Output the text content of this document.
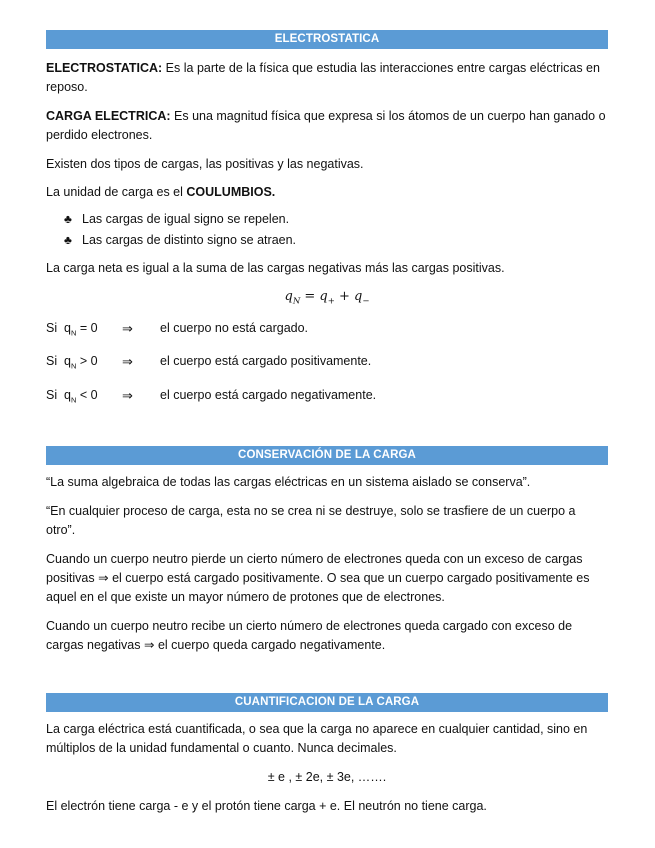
ELECTROSTATICA

ELECTROSTATICA: Es la parte de la física que estudia las interacciones entre cargas eléctricas en reposo.

CARGA ELECTRICA: Es una magnitud física que expresa si los átomos de un cuerpo han ganado o perdido electrones.

Existen dos tipos de cargas, las positivas y las negativas.

La unidad de carga es el COULUMBIOS.

♣ Las cargas de igual signo se repelen.
♣ Las cargas de distinto signo se atraen.

La carga neta es igual a la suma de las cargas negativas más las cargas positivas.

$q_N = q_+ + q_-$
Si $q_N = 0$	⇒	el cuerpo no está cargado.
Si $q_N > 0$	⇒	el cuerpo está cargado positivamente.
Si $q_N < 0$	⇒	el cuerpo está cargado negativamente.
CONSERVACIÓN DE LA CARGA

“La suma algebraica de todas las cargas eléctricas en un sistema aislado se conserva”.

“En cualquier proceso de carga, esta no se crea ni se destruye, solo se trasfiere de un cuerpo a otro”.

Cuando un cuerpo neutro pierde un cierto número de electrones queda con un exceso de cargas positivas ⇒ el cuerpo está cargado positivamente. O sea que un cuerpo cargado positivamente es aquel en el que existe un mayor número de protones que de electrones.

Cuando un cuerpo neutro recibe un cierto número de electrones queda cargado con exceso de cargas negativas ⇒ el cuerpo queda cargado negativamente.

CUANTIFICACION DE LA CARGA

La carga eléctrica está cuantificada, o sea que la carga no aparece en cualquier cantidad, sino en múltiplos de la unidad fundamental o cuanto. Nunca decimales.

± e , ± 2e, ± 3e, …….

El electrón tiene carga - e y el protón tiene carga + e. El neutrón no tiene carga.
